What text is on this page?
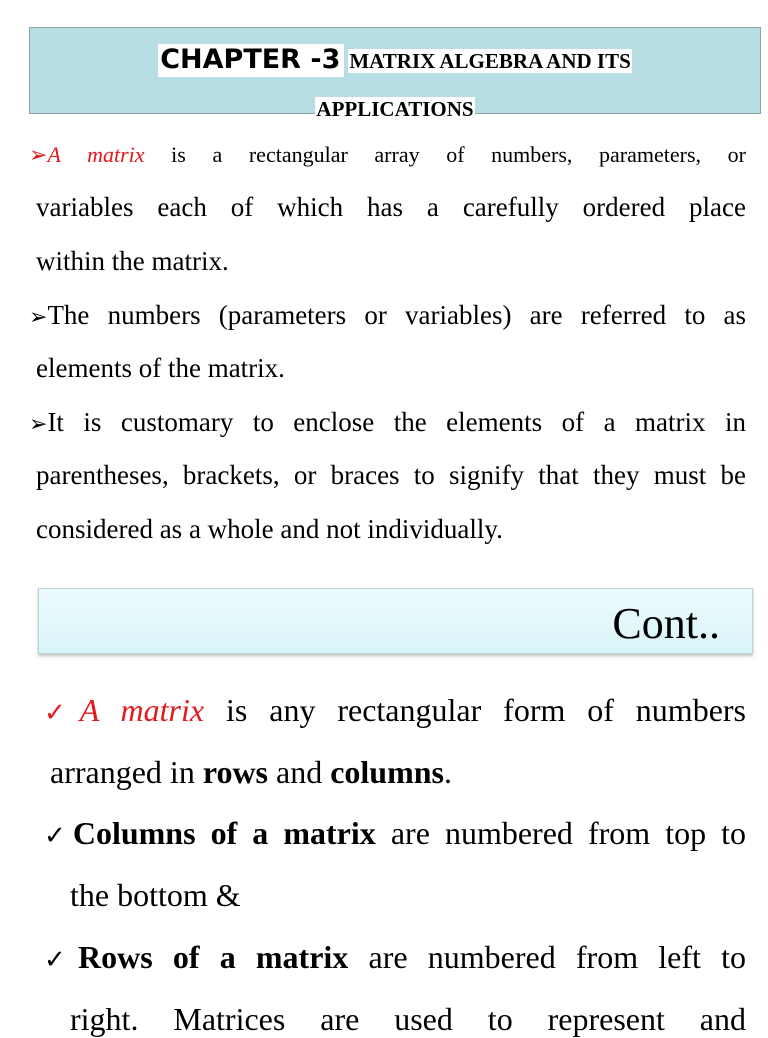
CHAPTER -3 MATRIX ALGEBRA AND ITS
APPLICATIONS
➢A matrix is a rectangular array of numbers, parameters, or
variables each of which has a carefully ordered place
within the matrix.
➢The numbers (parameters or variables) are referred to as
elements of the matrix.
➢It is customary to enclose the elements of a matrix in
parentheses, brackets, or braces to signify that they must be
considered as a whole and not individually.
Cont..
✓A matrix is any rectangular form of numbers
arranged in rows and columns.
✓Columns of a matrix are numbered from top to
the bottom &
✓Rows of a matrix are numbered from left to
right. Matrices are used to represent and
